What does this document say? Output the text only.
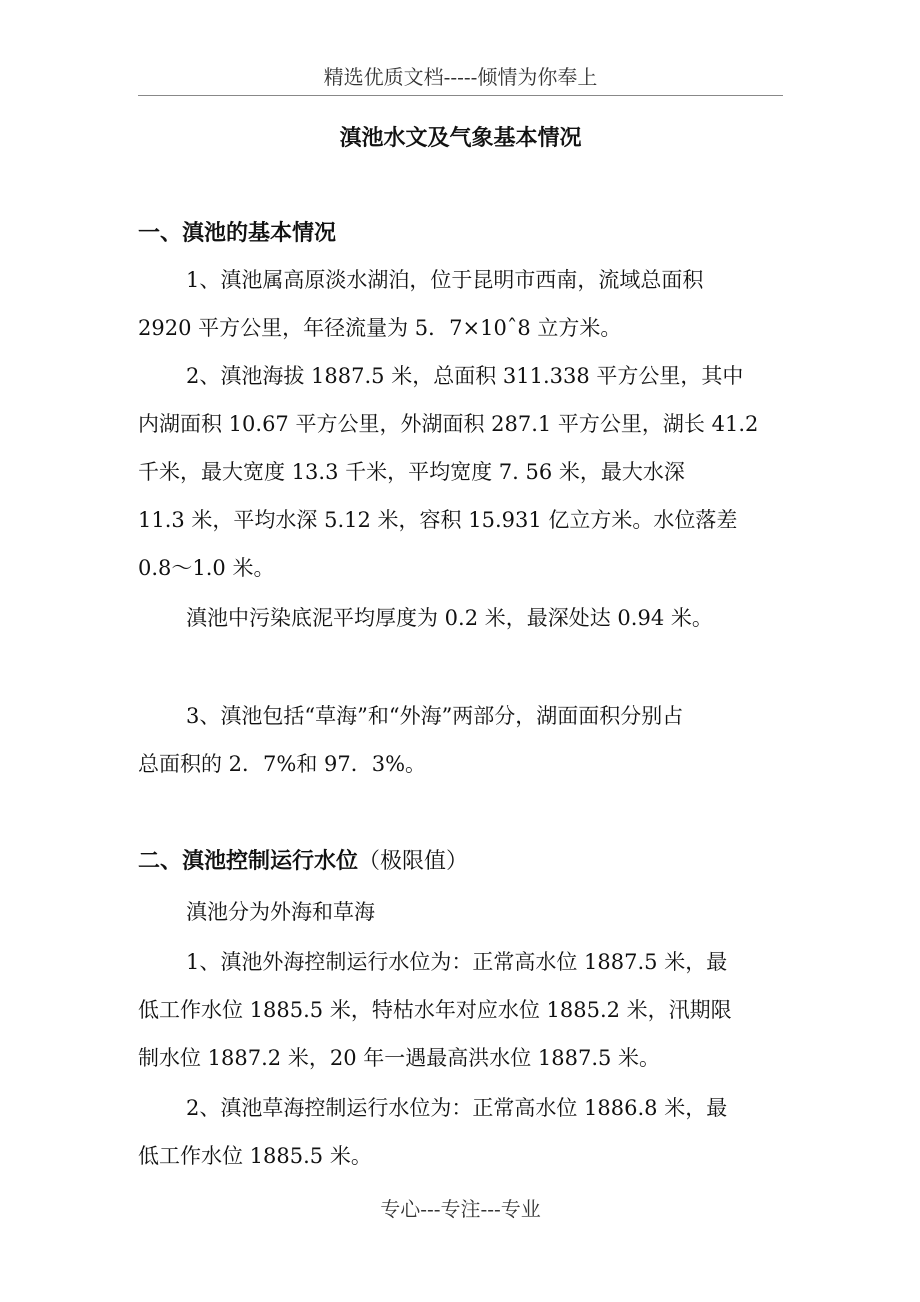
精选优质文档-----倾情为你奉上
滇池水文及气象基本情况
一、滇池的基本情况
1、滇池属高原淡水湖泊，位于昆明市西南，流域总面积
2920 平方公里，年径流量为 5．7×10ˆ8 立方米。
2、滇池海拔 1887.5 米，总面积 311.338 平方公里，其中
内湖面积 10.67 平方公里，外湖面积 287.1 平方公里，湖长 41.2
千米，最大宽度 13.3 千米，平均宽度 7. 56 米，最大水深
11.3 米，平均水深 5.12 米，容积 15.931 亿立方米。水位落差
0.8～1.0 米。
滇池中污染底泥平均厚度为 0.2 米，最深处达 0.94 米。
3、滇池包括“草海”和“外海”两部分，湖面面积分别占
总面积的 2．7%和 97．3%。
二、滇池控制运行水位（极限值）
滇池分为外海和草海
1、滇池外海控制运行水位为：正常高水位 1887.5 米，最
低工作水位 1885.5 米，特枯水年对应水位 1885.2 米，汛期限
制水位 1887.2 米，20 年一遇最高洪水位 1887.5 米。
2、滇池草海控制运行水位为：正常高水位 1886.8 米，最
低工作水位 1885.5 米。
专心---专注---专业
